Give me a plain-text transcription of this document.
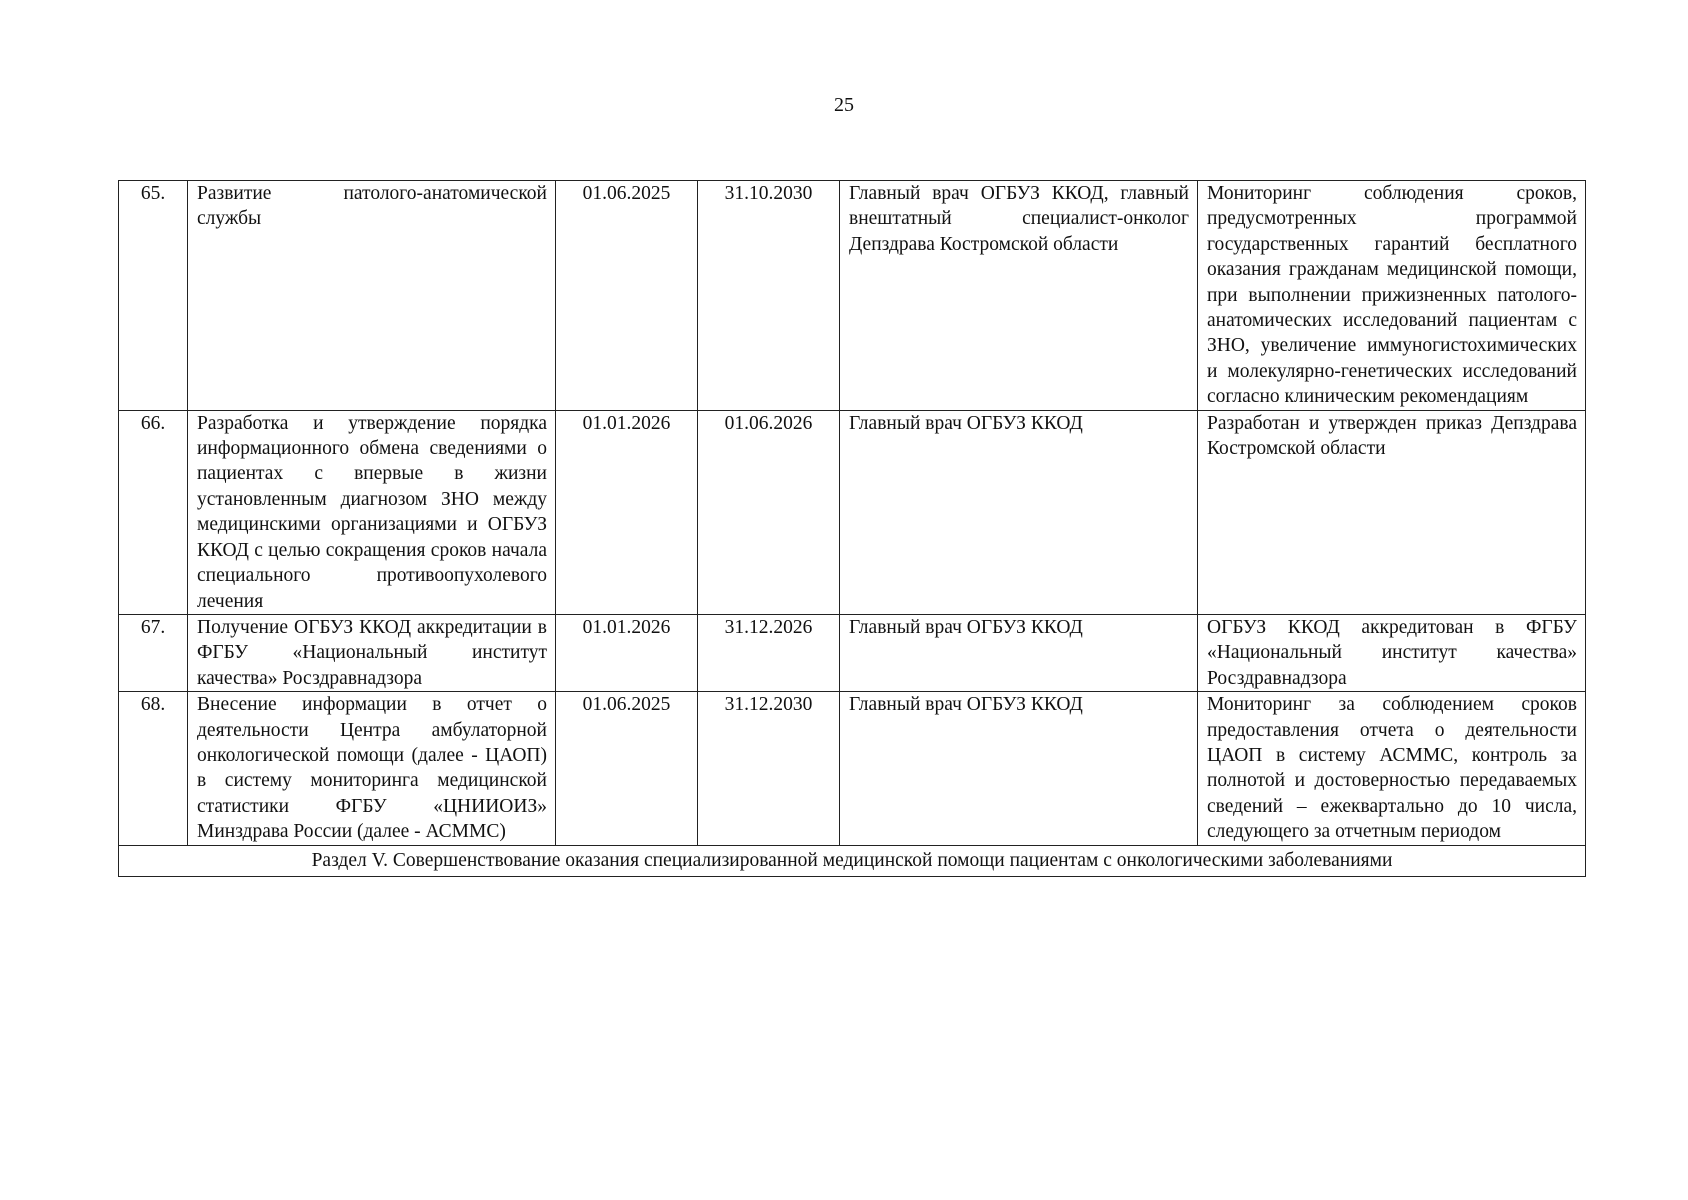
25
65.	Развитие патолого-анатомической службы	01.06.2025	31.10.2030	Главный врач ОГБУЗ ККОД, главный внештатный специалист-онколог Депздрава Костромской области	Мониторинг соблюдения сроков, предусмотренных программой государственных гарантий бесплатного оказания гражданам медицинской помощи, при выполнении прижизненных патолого-анатомических исследований пациентам с ЗНО, увеличение иммуногистохимических и молекулярно-генетических исследований согласно клиническим рекомендациям
66.	Разработка и утверждение порядка информационного обмена сведениями о пациентах с впервые в жизни установленным диагнозом ЗНО между медицинскими организациями и ОГБУЗ ККОД с целью сокращения сроков начала специального противоопухолевого лечения	01.01.2026	01.06.2026	Главный врач ОГБУЗ ККОД	Разработан и утвержден приказ Депздрава Костромской области
67.	Получение ОГБУЗ ККОД аккредитации в ФГБУ «Национальный институт качества» Росздравнадзора	01.01.2026	31.12.2026	Главный врач ОГБУЗ ККОД	ОГБУЗ ККОД аккредитован в ФГБУ «Национальный институт качества» Росздравнадзора
68.	Внесение информации в отчет о деятельности Центра амбулаторной онкологической помощи (далее - ЦАОП) в систему мониторинга медицинской статистики ФГБУ «ЦНИИОИЗ» Минздрава России (далее - АСММС)	01.06.2025	31.12.2030	Главный врач ОГБУЗ ККОД	Мониторинг за соблюдением сроков предоставления отчета о деятельности ЦАОП в систему АСММС, контроль за полнотой и достоверностью передаваемых сведений – ежеквартально до 10 числа, следующего за отчетным периодом
Раздел V. Совершенствование оказания специализированной медицинской помощи пациентам с онкологическими заболеваниями					
